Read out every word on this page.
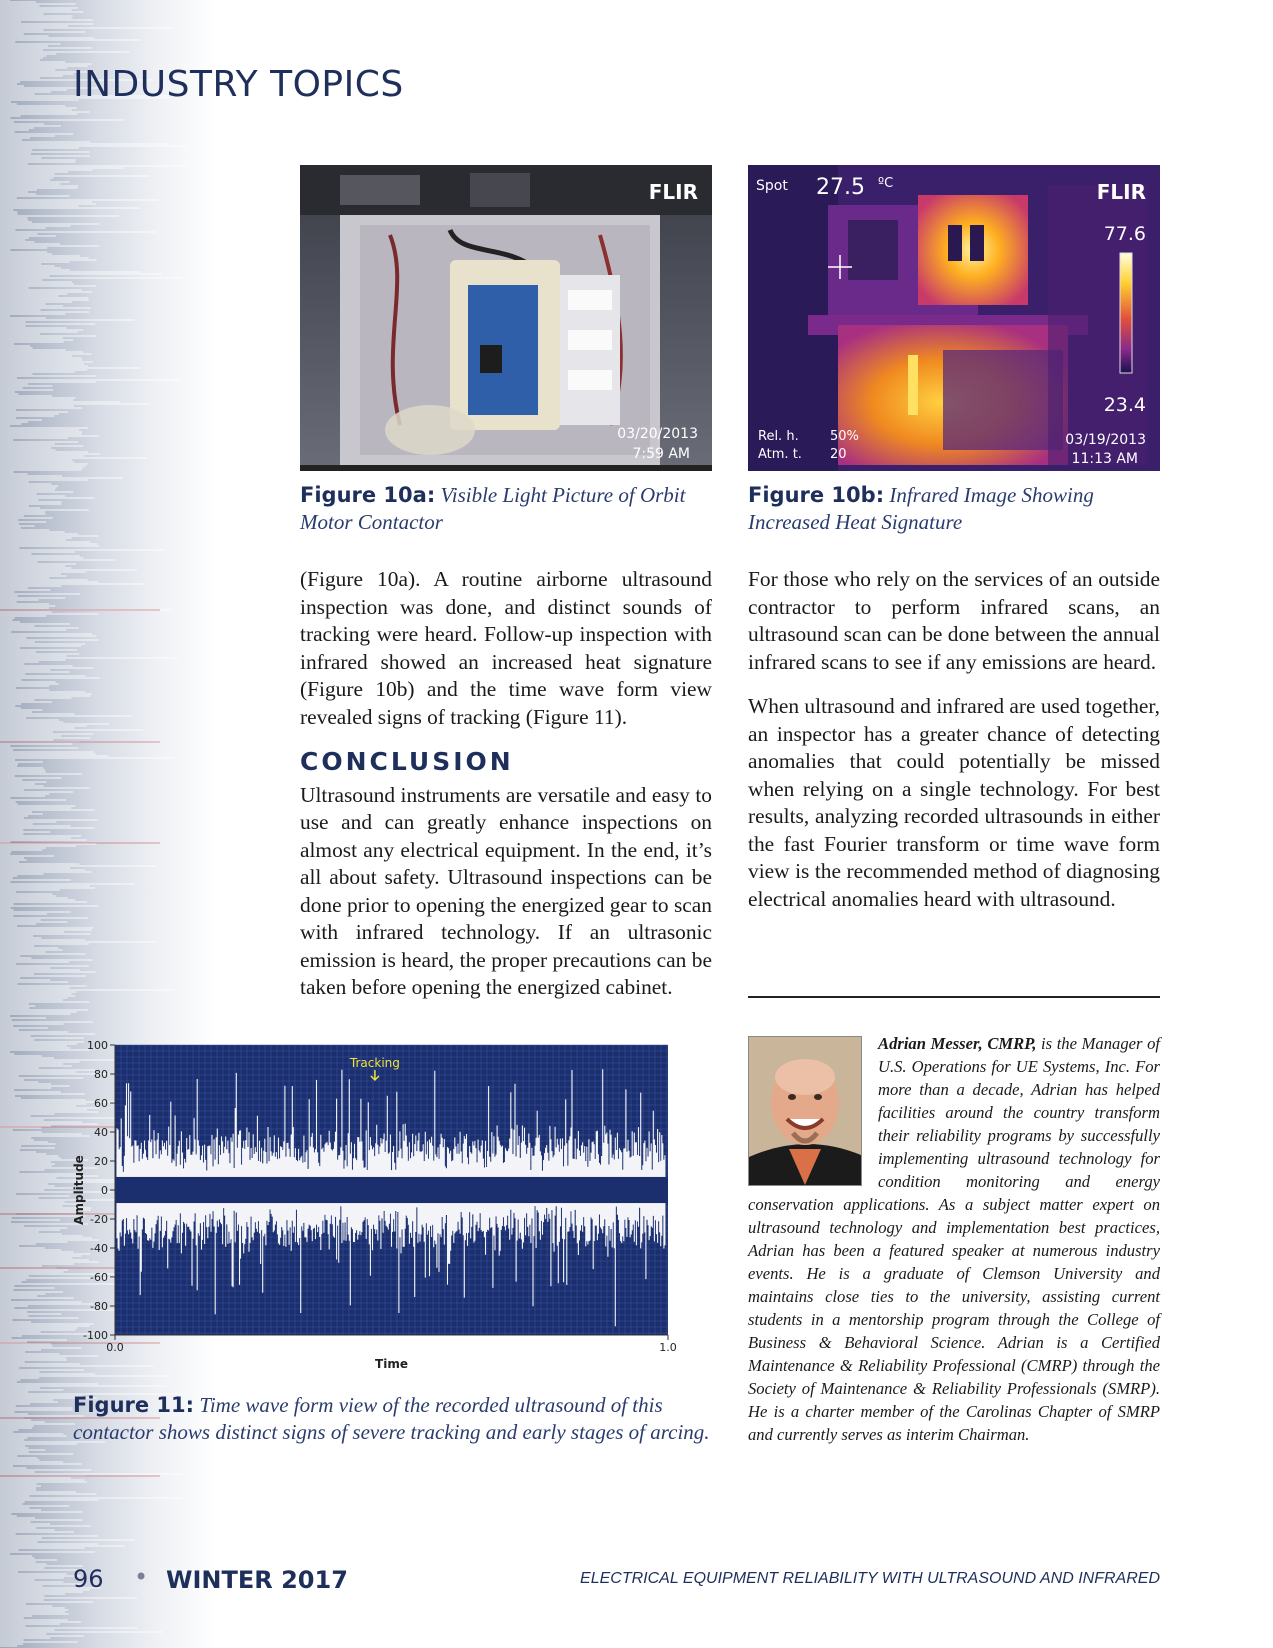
INDUSTRY TOPICS
FLIR
03/20/2013
7:59 AM
Spot 27.5 ºC	FLIR
77.6
23.4
Rel. h. 50%
Atm. t. 20
03/19/2013
11:13 AM

Figure 10a: Visible Light Picture of Orbit Motor Contactor

Figure 10b: Infrared Image Showing Increased Heat Signature

(Figure 10a). A routine airborne ultrasound inspection was done, and distinct sounds of tracking were heard. Follow-up inspection with infrared showed an increased heat signature (Figure 10b) and the time wave form view revealed signs of tracking (Figure 11).

CONCLUSION

Ultrasound instruments are versatile and easy to use and can greatly enhance inspections on almost any electrical equipment. In the end, it’s all about safety. Ultrasound inspections can be done prior to opening the energized gear to scan with infrared technology. If an ultrasonic emission is heard, the proper precautions can be taken before opening the energized cabinet.

For those who rely on the services of an outside contractor to perform infrared scans, an ultrasound scan can be done between the annual infrared scans to see if any emissions are heard.

When ultrasound and infrared are used together, an inspector has a greater chance of detecting anomalies that could potentially be missed when relying on a single technology. For best results, analyzing recorded ultrasounds in either the fast Fourier transform or time wave form view is the recommended method of diagnosing electrical anomalies heard with ultrasound.

Adrian Messer, CMRP, is the Manager of U.S. Operations for UE Systems, Inc. For more than a decade, Adrian has helped facilities around the country transform their reliability programs by successfully implementing ultrasound technology for condition monitoring and energy conservation applications. As a subject matter expert on ultrasound technology and implementation best practices, Adrian has been a featured speaker at numerous industry events. He is a graduate of Clemson University and maintains close ties to the university, assisting current students in a mentorship program through the College of Business & Behavioral Science. Adrian is a Certified Maintenance & Reliability Professional (CMRP) through the Society of Maintenance & Reliability Professionals (SMRP). He is a charter member of the Carolinas Chapter of SMRP and currently serves as interim Chairman.

100
80
60
40
20
0
-20
-40
-60
-80
-100
0.0	1.0
Amplitude
Time
Tracking

Figure 11: Time wave form view of the recorded ultrasound of this contactor shows distinct signs of severe tracking and early stages of arcing.

96 • WINTER 2017	ELECTRICAL EQUIPMENT RELIABILITY WITH ULTRASOUND AND INFRARED
